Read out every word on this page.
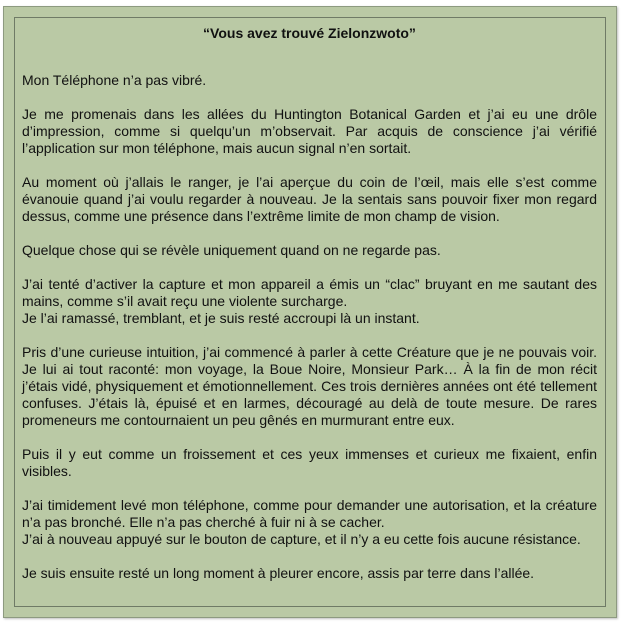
“Vous avez trouvé Zielonzwoto”
Mon Téléphone n’a pas vibré.
Je me promenais dans les allées du Huntington Botanical Garden et j’ai eu une drôle d’impression, comme si quelqu’un m’observait. Par acquis de conscience j’ai vérifié l’application sur mon téléphone, mais aucun signal n’en sortait.
Au moment où j’allais le ranger, je l’ai aperçue du coin de l’œil, mais elle s’est comme évanouie quand j’ai voulu regarder à nouveau. Je la sentais sans pouvoir fixer mon regard dessus, comme une présence dans l’extrême limite de mon champ de vision.
Quelque chose qui se révèle uniquement quand on ne regarde pas.
J’ai tenté d’activer la capture et mon appareil a émis un “clac” bruyant en me sautant des mains, comme s’il avait reçu une violente surcharge.
Je l’ai ramassé, tremblant, et je suis resté accroupi là un instant.
Pris d’une curieuse intuition, j’ai commencé à parler à cette Créature que je ne pouvais voir. Je lui ai tout raconté: mon voyage, la Boue Noire, Monsieur Park… À la fin de mon récit j’étais vidé, physiquement et émotionnellement. Ces trois dernières années ont été tellement confuses. J’étais là, épuisé et en larmes, découragé au delà de toute mesure. De rares promeneurs me contournaient un peu gênés en murmurant entre eux.
Puis il y eut comme un froissement et ces yeux immenses et curieux me fixaient, enfin visibles.
J’ai timidement levé mon téléphone, comme pour demander une autorisation, et la créature n’a pas bronché. Elle n’a pas cherché à fuir ni à se cacher.
J’ai à nouveau appuyé sur le bouton de capture, et il n’y a eu cette fois aucune résistance.
Je suis ensuite resté un long moment à pleurer encore, assis par terre dans l’allée.
